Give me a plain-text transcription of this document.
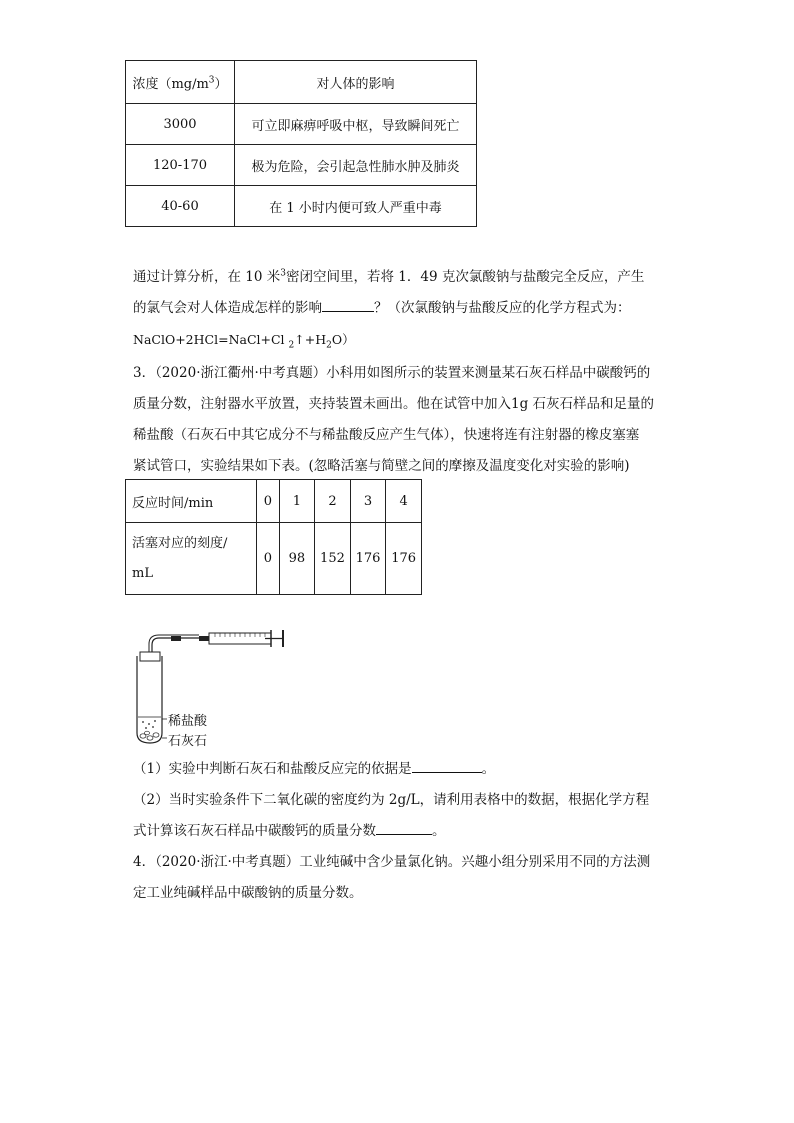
浓度$(mg/m^3)$	对人体的影响
3000	可立即麻痹呼吸中枢，导致瞬间死亡
120-170	极为危险，会引起急性肺水肿及肺炎
40-60	在 1 小时内便可致人严重中毒
通过计算分析，在 10 米$^3$密闭空间里，若将 1．49 克次氯酸钠与盐酸完全反应，产生
的氯气会对人体造成怎样的影响	？（次氯酸钠与盐酸反应的化学方程式为：
NaClO+2HCl=NaCl+Cl $_2↑+H_2O$）
3．（2020·浙江衢州·中考真题）小科用如图所示的装置来测量某石灰石样品中碳酸钙的
质量分数，注射器水平放置，夹持装置未画出。他在试管中加入1g 石灰石样品和足量的
稀盐酸（石灰石中其它成分不与稀盐酸反应产生气体），快速将连有注射器的橡皮塞塞
紧试管口，实验结果如下表。(忽略活塞与简壁之间的摩擦及温度变化对实验的影响)
反应时间/min	0	1	2	3	4
活塞对应的刻度/
mL	0	98	152	176	176
稀盐酸
石灰石
（1）实验中判断石灰石和盐酸反应完的依据是	。
（2）当时实验条件下二氧化碳的密度约为 2g/L，请利用表格中的数据，根据化学方程
式计算该石灰石样品中碳酸钙的质量分数	。
4．（2020·浙江·中考真题）工业纯碱中含少量氯化钠。兴趣小组分别采用不同的方法测
定工业纯碱样品中碳酸钠的质量分数。
